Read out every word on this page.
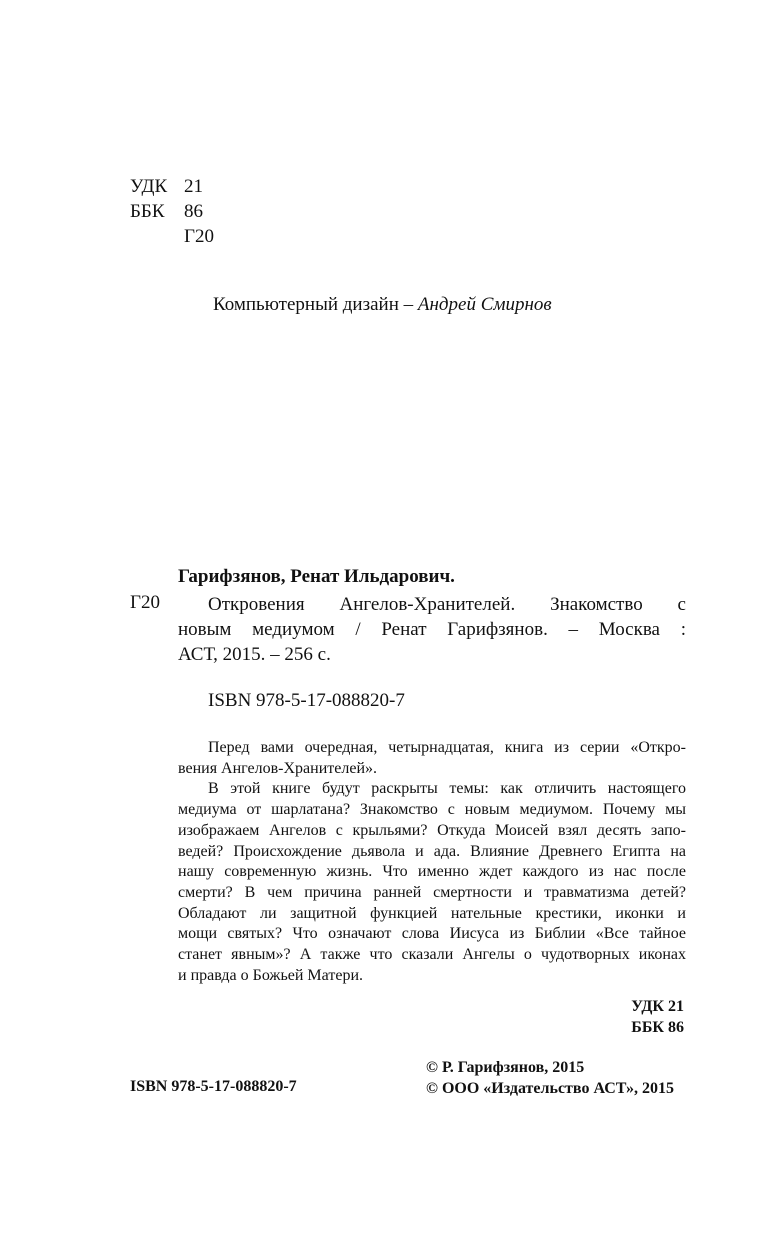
УДК 21
ББК	86
Г20
Компьютерный дизайн – Андрей Смирнов
Гарифзянов, Ренат Ильдарович.
Г20	Откровения Ангелов-Хранителей. Знакомство с
новым медиумом / Ренат Гарифзянов. – Москва :
АСТ, 2015. – 256 с.
ISBN 978-5-17-088820-7
Перед вами очередная, четырнадцатая, книга из серии «Откро-
вения Ангелов-Хранителей».
В этой книге будут раскрыты темы: как отличить настоящего
медиума от шарлатана? Знакомство с новым медиумом. Почему мы
изображаем Ангелов с крыльями? Откуда Моисей взял десять запо-
ведей? Происхождение дьявола и ада. Влияние Древнего Египта на
нашу современную жизнь. Что именно ждет каждого из нас после
смерти? В чем причина ранней смертности и травматизма детей?
Обладают ли защитной функцией нательные крестики, иконки и
мощи святых? Что означают слова Иисуса из Библии «Все тайное
станет явным»? А также что сказали Ангелы о чудотворных иконах
и правда о Божьей Матери.
УДК 21
ББК 86
ISBN 978-5-17-088820-7
© Р. Гарифзянов, 2015
© ООО «Издательство АСТ», 2015
